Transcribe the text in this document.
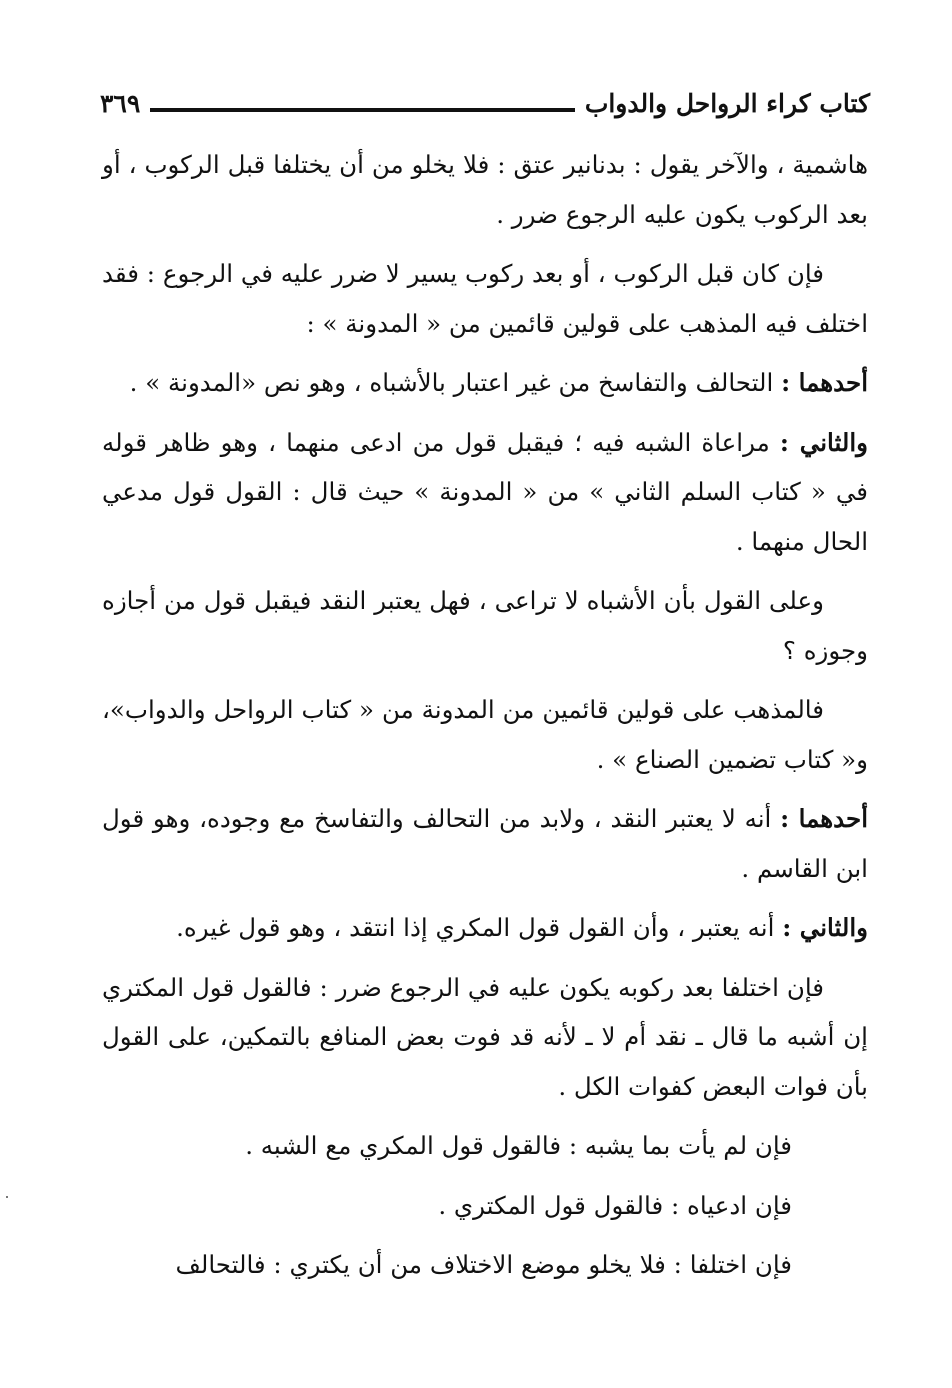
كتاب كراء الرواحل والدواب
٣٦٩

هاشمية ، والآخر يقول : بدنانير عتق : فلا يخلو من أن يختلفا قبل الركوب ، أو بعد الركوب يكون عليه الرجوع ضرر .

فإن كان قبل الركوب ، أو بعد ركوب يسير لا ضرر عليه في الرجوع : فقد اختلف فيه المذهب على قولين قائمين من « المدونة » :

أحدهما : التحالف والتفاسخ من غير اعتبار بالأشباه ، وهو نص «المدونة » .

والثاني : مراعاة الشبه فيه ؛ فيقبل قول من ادعى منهما ، وهو ظاهر قوله في « كتاب السلم الثاني » من « المدونة » حيث قال : القول قول مدعي الحال منهما .

وعلى القول بأن الأشباه لا تراعى ، فهل يعتبر النقد فيقبل قول من أجازه وجوزه ؟

فالمذهب على قولين قائمين من المدونة من « كتاب الرواحل والدواب»، و« كتاب تضمين الصناع » .

أحدهما : أنه لا يعتبر النقد ، ولابد من التحالف والتفاسخ مع وجوده، وهو قول ابن القاسم .

والثاني : أنه يعتبر ، وأن القول قول المكري إذا انتقد ، وهو قول غيره.

فإن اختلفا بعد ركوبه يكون عليه في الرجوع ضرر : فالقول قول المكتري إن أشبه ما قال ـ نقد أم لا ـ لأنه قد فوت بعض المنافع بالتمكين، على القول بأن فوات البعض كفوات الكل .

فإن لم يأت بما يشبه : فالقول قول المكري مع الشبه .

فإن ادعياه : فالقول قول المكتري .

فإن اختلفا : فلا يخلو موضع الاختلاف من أن يكتري : فالتحالف
